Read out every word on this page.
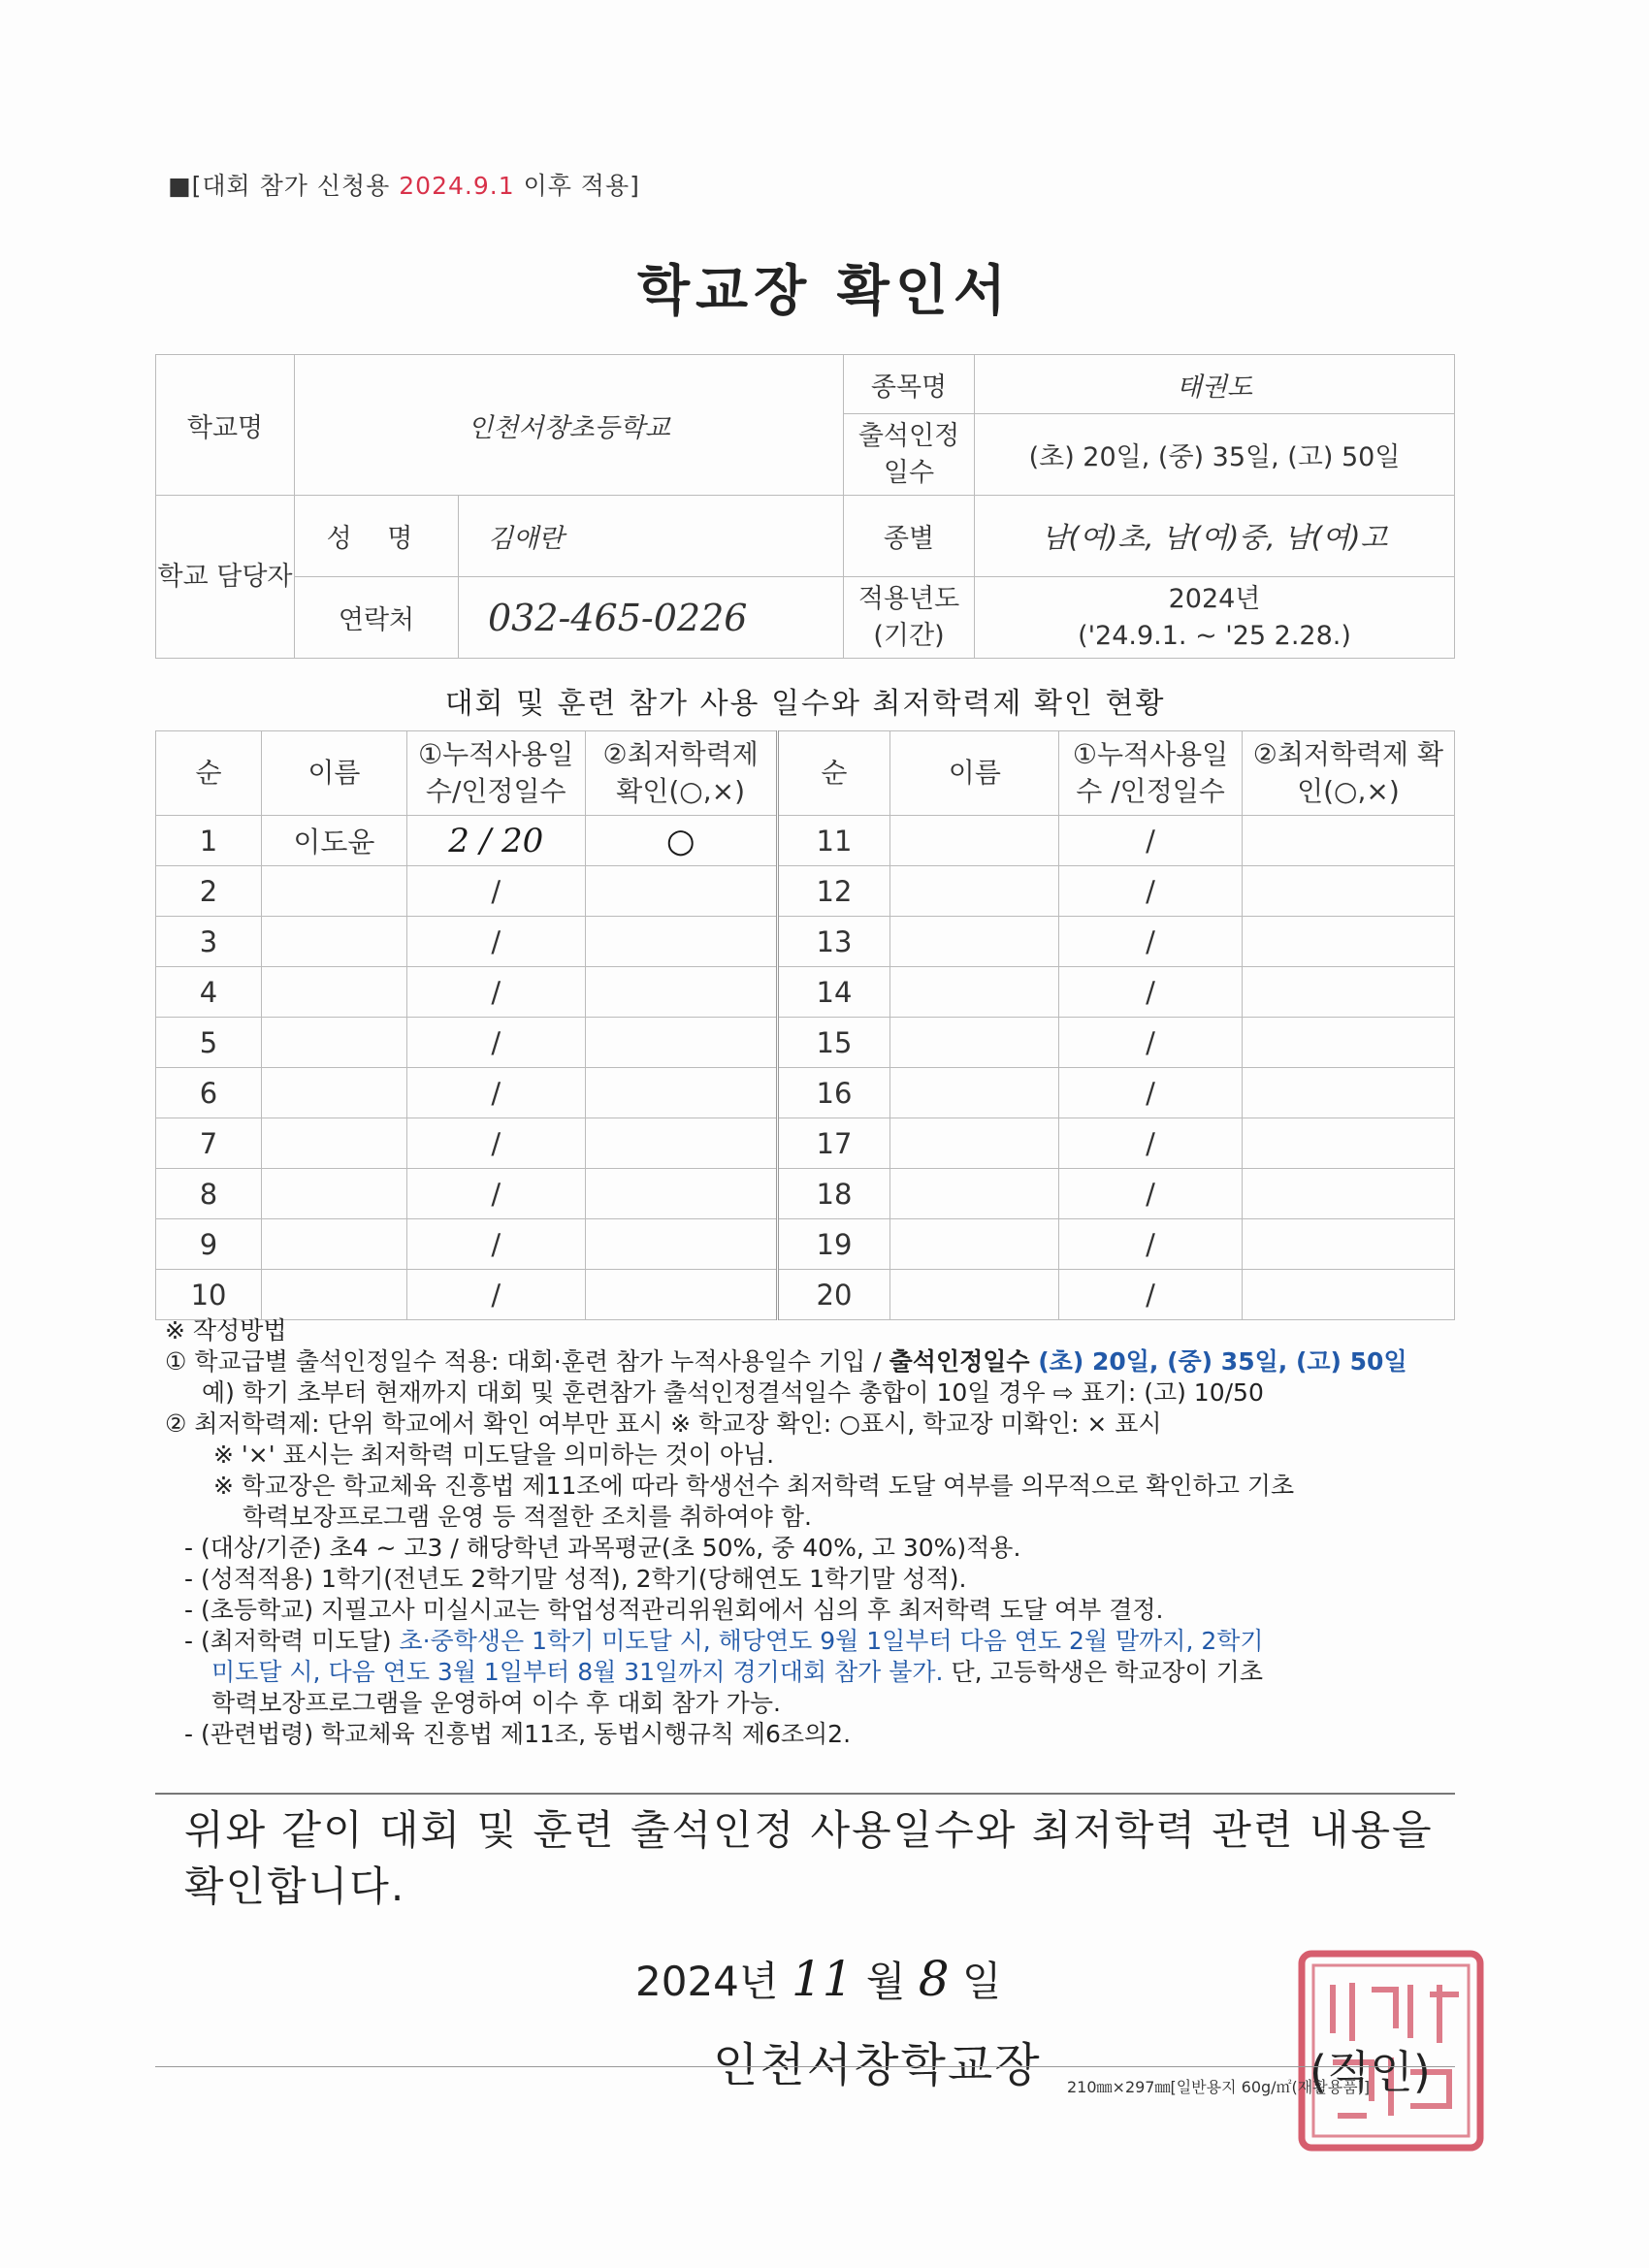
■[대회 참가 신청용 2024.9.1 이후 적용]
학교장 확인서
학교명	인천서창초등학교		종목명	태권도
			출석인정 일수	(초) 20일, (중) 35일, (고) 50일
학교 담당자	성 명	김애란	종별	남(여)초, 남(여)중, 남(여)고
	연락처	032-465-0226	적용년도 (기간)	2024년
('24.9.1. ~ '25 2.28.)
대회 및 훈련 참가 사용 일수와 최저학력제 확인 현황
순	이름	①누적사용일 수/인정일수	②최저학력제 확인(○,×)	순	이름	①누적사용일수 /인정일수	②최저학력제 확인(○,×)
1	이도윤	2 / 20	○	11		/	
2		/		12		/	
3		/		13		/	
4		/		14		/	
5		/		15		/	
6		/		16		/	
7		/		17		/	
8		/		18		/	
9		/		19		/	
10		/		20		/	

※ 작성방법

① 학교급별 출석인정일수 적용: 대회·훈련 참가 누적사용일수 기입 / 출석인정일수 (초) 20일, (중) 35일, (고) 50일

예) 학기 초부터 현재까지 대회 및 훈련참가 출석인정결석일수 총합이 10일 경우 ⇨ 표기: (고) 10/50

② 최저학력제: 단위 학교에서 확인 여부만 표시 ※ 학교장 확인: ○표시, 학교장 미확인: × 표시

※ '×' 표시는 최저학력 미도달을 의미하는 것이 아님.

※ 학교장은 학교체육 진흥법 제11조에 따라 학생선수 최저학력 도달 여부를 의무적으로 확인하고 기초

학력보장프로그램 운영 등 적절한 조치를 취하여야 함.

- (대상/기준) 초4 ~ 고3 / 해당학년 과목평균(초 50%, 중 40%, 고 30%)적용.

- (성적적용) 1학기(전년도 2학기말 성적), 2학기(당해연도 1학기말 성적).

- (초등학교) 지필고사 미실시교는 학업성적관리위원회에서 심의 후 최저학력 도달 여부 결정.

- (최저학력 미도달) 초·중학생은 1학기 미도달 시, 해당연도 9월 1일부터 다음 연도 2월 말까지, 2학기

미도달 시, 다음 연도 3월 1일부터 8월 31일까지 경기대회 참가 불가. 단, 고등학생은 학교장이 기초

학력보장프로그램을 운영하여 이수 후 대회 참가 가능.

- (관련법령) 학교체육 진흥법 제11조, 동법시행규칙 제6조의2.

위와 같이 대회 및 훈련 출석인정 사용일수와 최저학력 관련 내용을 확인합니다.
2024년 11 월 8 일
인천서창학교장	(직인)
210㎜×297㎜[일반용지 60g/㎡(재활용품)]
